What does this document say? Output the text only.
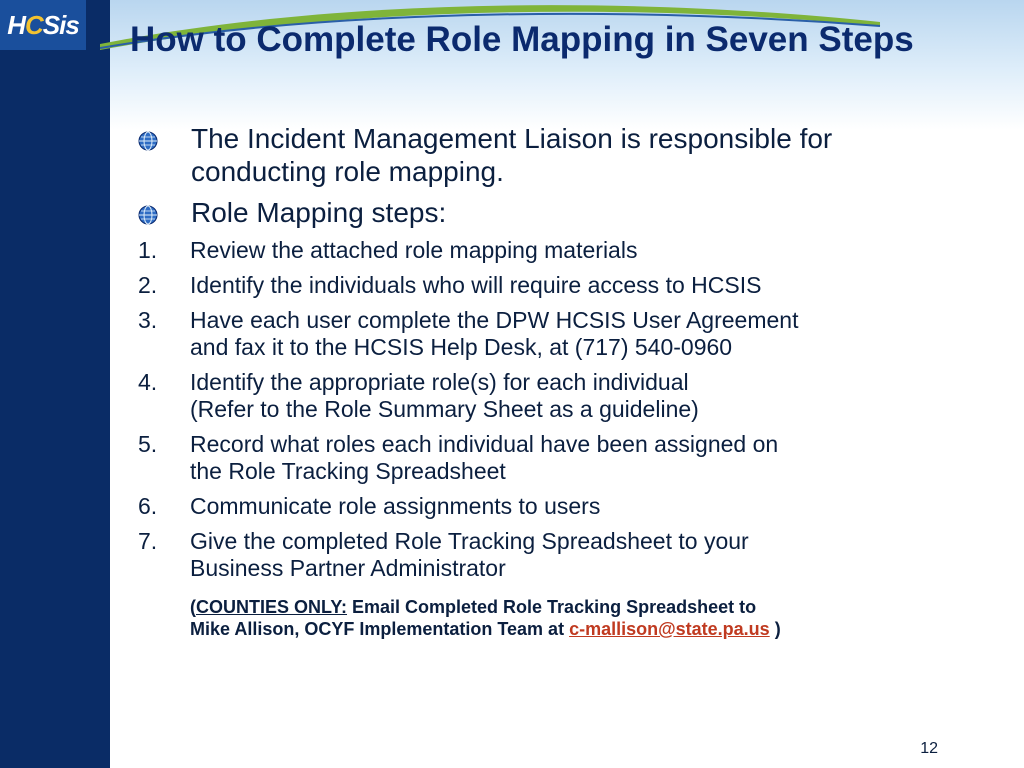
HCSis How to Complete Role Mapping in Seven Steps
The Incident Management Liaison is responsible for conducting role mapping.
Role Mapping steps:
1.	Review the attached role mapping materials
2.	Identify the individuals who will require access to HCSIS
3.	Have each user complete the DPW HCSIS User Agreement
and fax it to the HCSIS Help Desk, at (717) 540-0960
4.	Identify the appropriate role(s) for each individual
(Refer to the Role Summary Sheet as a guideline)
5.	Record what roles each individual have been assigned on
the Role Tracking Spreadsheet
6.	Communicate role assignments to users
7.	Give the completed Role Tracking Spreadsheet to your
Business Partner Administrator
(COUNTIES ONLY: Email Completed Role Tracking Spreadsheet to
Mike Allison, OCYF Implementation Team at c-mallison@state.pa.us )
12
